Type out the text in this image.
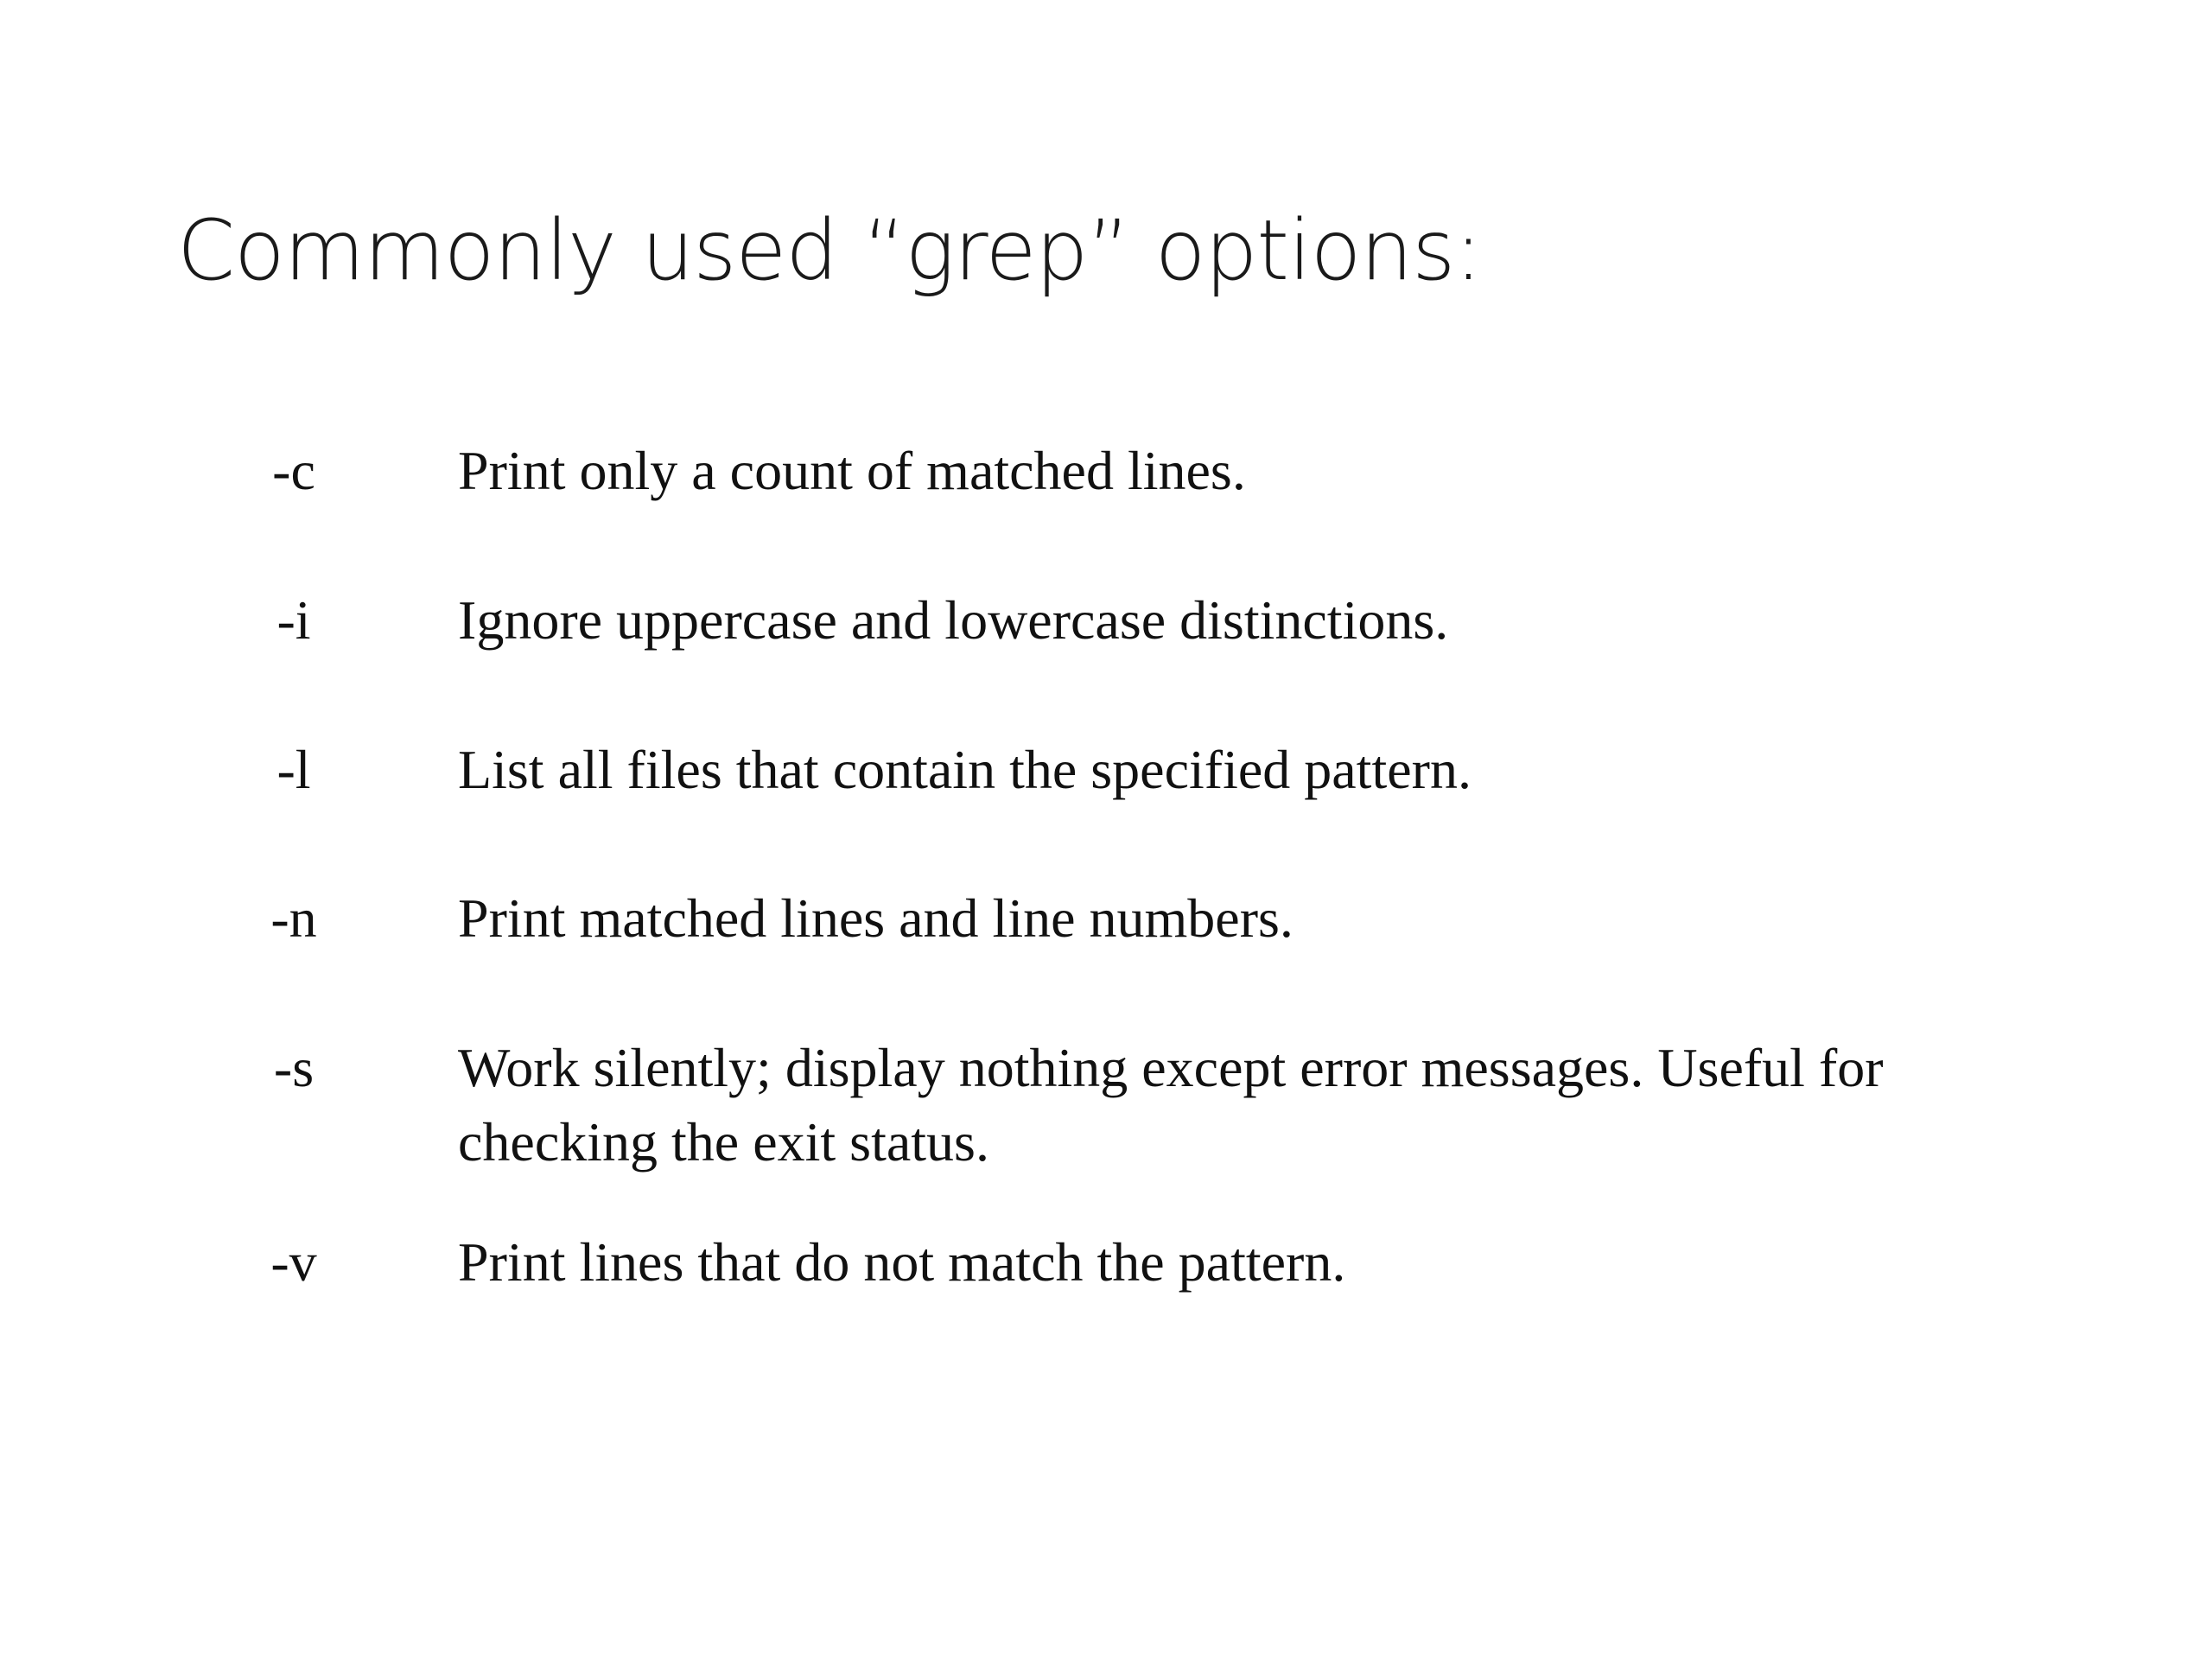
Commonly used “grep” options:
-c	Print only a count of matched lines.
-i	Ignore uppercase and lowercase distinctions.
-l	List all files that contain the specified pattern.
-n	Print matched lines and line numbers.
-s	Work silently; display nothing except error messages. Useful for checking the exit status.
-v	Print lines that do not match the pattern.
